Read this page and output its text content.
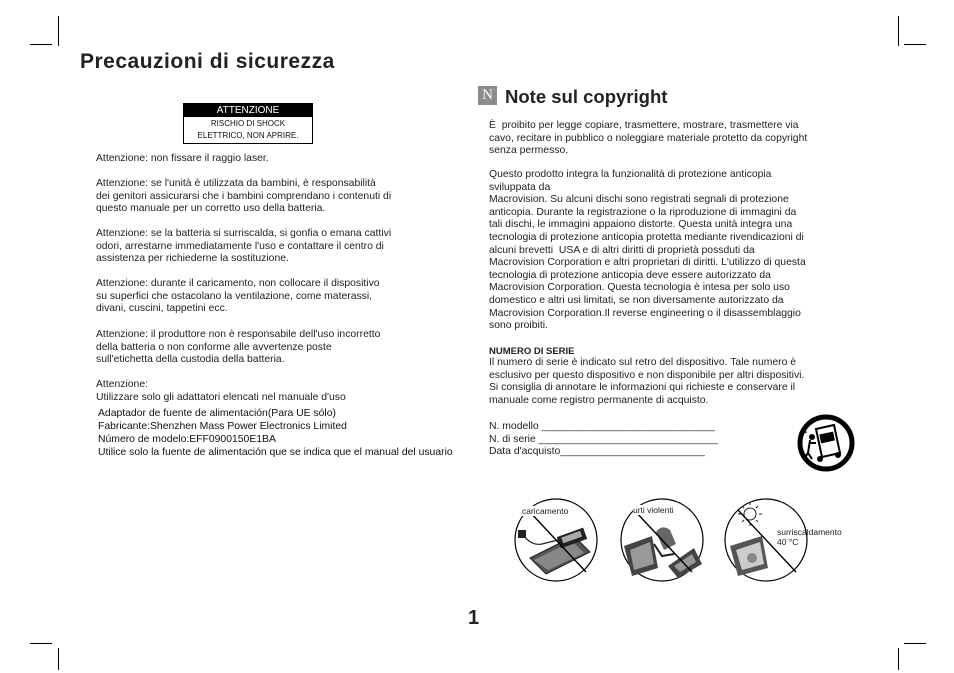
Precauzioni di sicurezza
ATTENZIONE
RISCHIO DI SHOCK
ELETTRICO, NON APRIRE.
Attenzione: non fissare il raggio laser.
Attenzione: se l'unità è utilizzata da bambini, è responsabilità
dei genitori assicurarsi che i bambini comprendano i contenuti di
questo manuale per un corretto uso della batteria.
Attenzione: se la batteria si surriscalda, si gonfia o emana cattivi
odori, arrestarne immediatamente l'uso e contattare il centro di
assistenza per richiederne la sostituzione.
Attenzione: durante il caricamento, non collocare il dispositivo
su superfici che ostacolano la ventilazione, come materassi,
divani, cuscini, tappetini ecc.
Attenzione: il produttore non è responsabile dell'uso incorretto
della batteria o non conforme alle avvertenze poste
sull'etichetta della custodia della batteria.
Attenzione:
Utilizzare solo gli adattatori elencati nel manuale d'uso
Adaptador de fuente de alimentación(Para UE sólo)
Fabricante:Shenzhen Mass Power Electronics Limited
Número de modelo:EFF0900150E1BA
Utilice solo la fuente de alimentación que se indica que el manual del usuario
N Note sul copyright
È  proibito per legge copiare, trasmettere, mostrare, trasmettere via
cavo, recitare in pubblico o noleggiare materiale protetto da copyright
senza permesso.
Questo prodotto integra la funzionalità di protezione anticopia
sviluppata da
Macrovision. Su alcuni dischi sono registrati segnali di protezione
anticopia. Durante la registrazione o la riproduzione di immagini da
tali dischi, le immagini appaiono distorte. Questa unità integra una
tecnologia di protezione anticopia protetta mediante rivendicazioni di
alcuni brevetti  USA e di altri diritti di proprietà possduti da
Macrovision Corporation e altri proprietari di diritti. L'utilizzo di questa
tecnologia di protezione anticopia deve essere autorizzato da
Macrovision Corporation. Questa tecnologia è intesa per solo uso
domestico e altri usi limitati, se non diversamente autorizzato da
Macrovision Corporation.Il reverse engineering o il disassemblaggio
sono proibiti.
NUMERO DI SERIE
Il numero di serie è indicato sul retro del dispositivo. Tale numero è
esclusivo per questo dispositivo e non disponibile per altri dispositivi.
Si consiglia di annotare le informazioni qui richieste e conservare il
manuale come registro permanente di acquisto.
N. modello ______________________________
N. di serie _______________________________
Data d'acquisto_________________________
caricamento	urti violenti
surriscaldamento
40 °C
1
